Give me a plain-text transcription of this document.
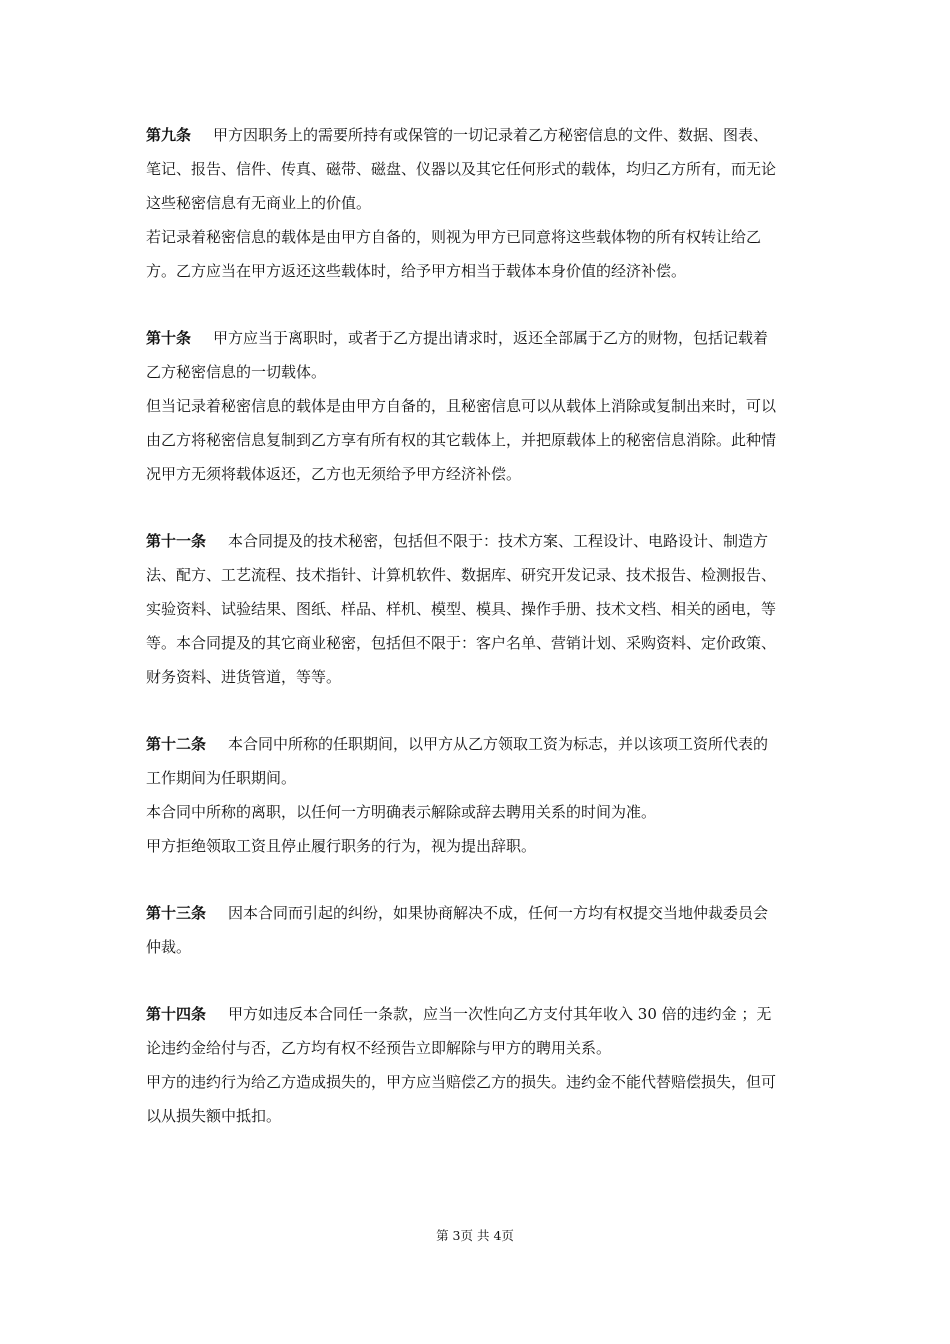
第九条 甲方因职务上的需要所持有或保管的一切记录着乙方秘密信息的文件、数据、图表、
笔记、报告、信件、传真、磁带、磁盘、仪器以及其它任何形式的载体，均归乙方所有，而无论
这些秘密信息有无商业上的价值。
若记录着秘密信息的载体是由甲方自备的，则视为甲方已同意将这些载体物的所有权转让给乙
方。乙方应当在甲方返还这些载体时，给予甲方相当于载体本身价值的经济补偿。
第十条 甲方应当于离职时，或者于乙方提出请求时，返还全部属于乙方的财物，包括记载着
乙方秘密信息的一切载体。
但当记录着秘密信息的载体是由甲方自备的，且秘密信息可以从载体上消除或复制出来时，可以
由乙方将秘密信息复制到乙方享有所有权的其它载体上，并把原载体上的秘密信息消除。此种情
况甲方无须将载体返还，乙方也无须给予甲方经济补偿。
第十一条 本合同提及的技术秘密，包括但不限于：技术方案、工程设计、电路设计、制造方
法、配方、工艺流程、技术指针、计算机软件、数据库、研究开发记录、技术报告、检测报告、
实验资料、试验结果、图纸、样品、样机、模型、模具、操作手册、技术文档、相关的函电，等
等。本合同提及的其它商业秘密，包括但不限于：客户名单、营销计划、采购资料、定价政策、
财务资料、进货管道，等等。
第十二条 本合同中所称的任职期间，以甲方从乙方领取工资为标志，并以该项工资所代表的
工作期间为任职期间。
本合同中所称的离职，以任何一方明确表示解除或辞去聘用关系的时间为准。
甲方拒绝领取工资且停止履行职务的行为，视为提出辞职。
第十三条 因本合同而引起的纠纷，如果协商解决不成，任何一方均有权提交当地仲裁委员会
仲裁。
第十四条 甲方如违反本合同任一条款，应当一次性向乙方支付其年收入 30 倍的违约金 ；无
论违约金给付与否，乙方均有权不经预告立即解除与甲方的聘用关系。
甲方的违约行为给乙方造成损失的，甲方应当赔偿乙方的损失。违约金不能代替赔偿损失，但可
以从损失额中抵扣。
第 3页 共 4页
